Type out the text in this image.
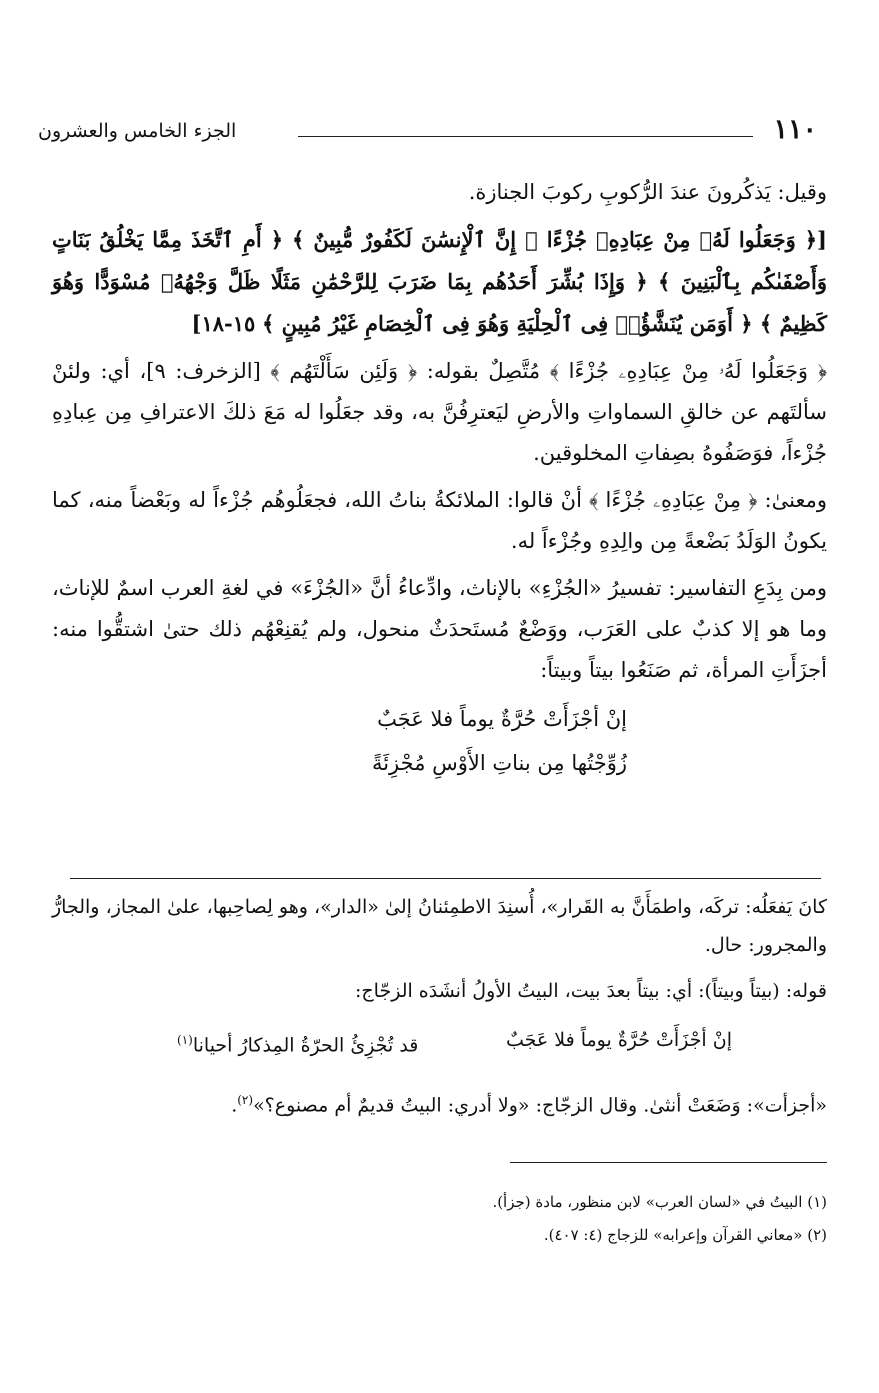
١١٠
الجزء الخامس والعشرون

وقيل: يَذكُرونَ عندَ الرُّكوبِ ركوبَ الجنازة.

[﴿ وَجَعَلُوا لَهُۥ مِنْ عِبَادِهِۦ جُزْءًا ۚ إِنَّ ٱلْإِنسَٰنَ لَكَفُورٌ مُّبِينٌ ﴾ ﴿ أَمِ ٱتَّخَذَ مِمَّا يَخْلُقُ بَنَاتٍ وَأَصْفَىٰكُم بِٱلْبَنِينَ ﴾ ﴿ وَإِذَا بُشِّرَ أَحَدُهُم بِمَا ضَرَبَ لِلرَّحْمَٰنِ مَثَلًا ظَلَّ وَجْهُهُۥ مُسْوَدًّا وَهُوَ كَظِيمٌ ﴾ ﴿ أَوَمَن يُنَشَّؤُا۟ فِى ٱلْحِلْيَةِ وَهُوَ فِى ٱلْخِصَامِ غَيْرُ مُبِينٍ ﴾ ١٥-١٨]

﴿ وَجَعَلُوا لَهُۥ مِنْ عِبَادِهِۦ جُزْءًا ﴾ مُتَّصِلٌ بقوله: ﴿ وَلَئِن سَأَلْتَهُم ﴾ [الزخرف: ٩]، أي: ولئنْ سألتَهم عن خالقِ السماواتِ والأرضِ ليَعترِفُنَّ به، وقد جعَلُوا له مَعَ ذلكَ الاعترافِ مِن عِبادِهِ جُزْءاً، فوَصَفُوهُ بصِفاتِ المخلوقين.

ومعنىٰ: ﴿ مِنْ عِبَادِهِۦ جُزْءًا ﴾ أنْ قالوا: الملائكةُ بناتُ الله، فجعَلُوهُم جُزْءاً له وبَعْضاً منه، كما يكونُ الوَلَدُ بَضْعةً مِن والِدِهِ وجُزْءاً له.

ومن بِدَعِ التفاسير: تفسيرُ «الجُزْءِ» بالإناث، وادِّعاءُ أنَّ «الجُزْءَ» في لغةِ العرب اسمٌ للإناث، وما هو إلا كذبٌ على العَرَب، ووَضْعٌ مُستَحدَثٌ منحول، ولم يُقنِعْهُم ذلك حتىٰ اشتقُّوا منه: أجزَأَتِ المرأة، ثم صَنَعُوا بيتاً وبيتاً:

إنْ أجْزَأَتْ حُرَّةٌ يوماً فلا عَجَبٌ
زُوِّجْتُها مِن بناتِ الأَوْسِ مُجْزِئَةً

كانَ يَفعَلُه: تركَه، واطمَأَنَّ به القَرار»، أُسنِدَ الاطمِئنانُ إلىٰ «الدار»، وهو لِصاحِبها، علىٰ المجاز، والجارُّ والمجرور: حال.

قوله: (بيتاً وبيتاً): أي: بيتاً بعدَ بيت، البيتُ الأولُ أنشَدَه الزجّاج:

إنْ أجْزَأَتْ حُرَّةٌ يوماً فلا عَجَبٌ
قد تُجْزِئُ الحرّةُ المِذكارُ أحيانا$^{(١)}$

«أجزأت»: وَضَعَتْ أنثىٰ. وقال الزجّاج: «ولا أدري: البيتُ قديمٌ أم مصنوع؟»$^{(٢)}$.

(١) البيتُ في «لسان العرب» لابن منظور، مادة (جزأ).
(٢) «معاني القرآن وإعرابه» للزجاج (٤: ٤٠٧).
